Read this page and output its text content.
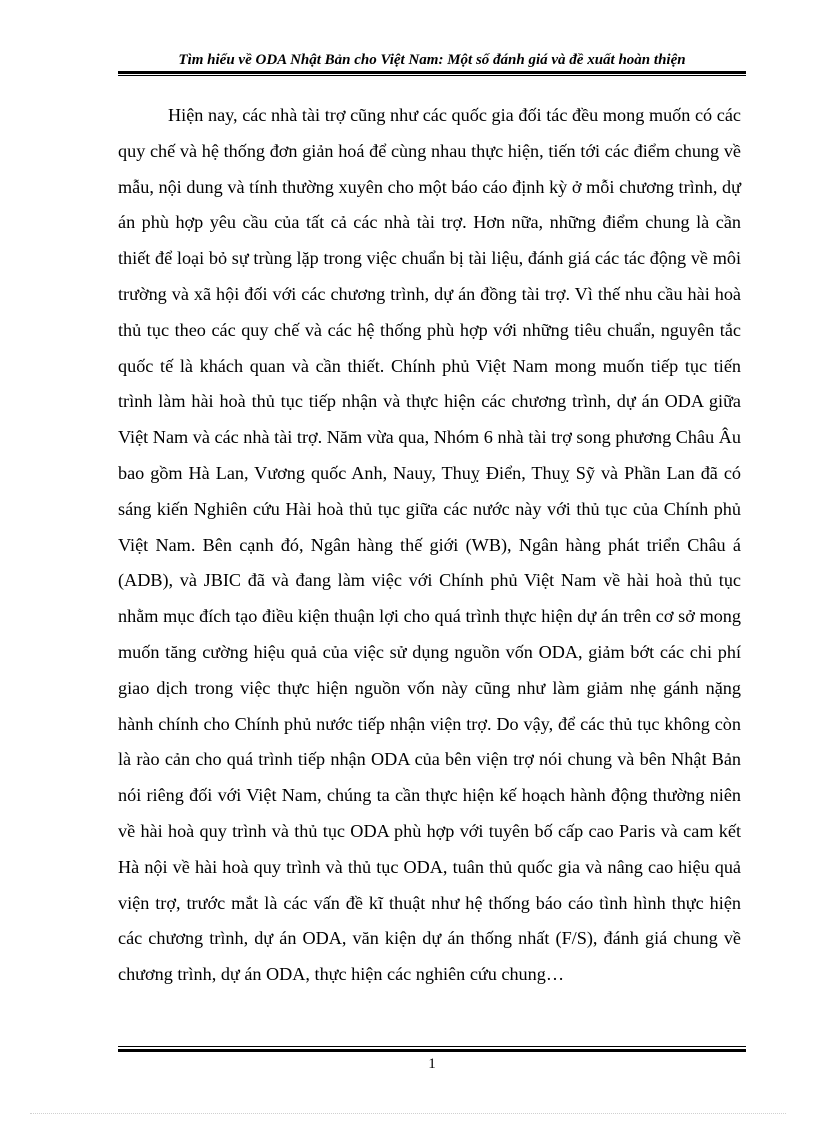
Tìm hiểu về ODA Nhật Bản cho Việt Nam: Một số đánh giá và đề xuất hoàn thiện

Hiện nay, các nhà tài trợ cũng như các quốc gia đối tác đều mong muốn có các quy chế và hệ thống đơn giản hoá để cùng nhau thực hiện, tiến tới các điểm chung về mẫu, nội dung và tính thường xuyên cho một báo cáo định kỳ ở mỗi chương trình, dự án phù hợp yêu cầu của tất cả các nhà tài trợ. Hơn nữa, những điểm chung là cần thiết để loại bỏ sự trùng lặp trong việc chuẩn bị tài liệu, đánh giá các tác động về môi trường và xã hội đối với các chương trình, dự án đồng tài trợ. Vì thế nhu cầu hài hoà thủ tục theo các quy chế và các hệ thống phù hợp với những tiêu chuẩn, nguyên tắc quốc tế là khách quan và cần thiết. Chính phủ Việt Nam mong muốn tiếp tục tiến trình làm hài hoà thủ tục tiếp nhận và thực hiện các chương trình, dự án ODA giữa Việt Nam và các nhà tài trợ. Năm vừa qua, Nhóm 6 nhà tài trợ song phương Châu Âu bao gồm Hà Lan, Vương quốc Anh, Nauy, Thuỵ Điển, Thuỵ Sỹ và Phần Lan đã có sáng kiến Nghiên cứu Hài hoà thủ tục giữa các nước này với thủ tục của Chính phủ Việt Nam. Bên cạnh đó, Ngân hàng thế giới (WB), Ngân hàng phát triển Châu á (ADB), và JBIC đã và đang làm việc với Chính phủ Việt Nam về hài hoà thủ tục nhằm mục đích tạo điều kiện thuận lợi cho quá trình thực hiện dự án trên cơ sở mong muốn tăng cường hiệu quả của việc sử dụng nguồn vốn ODA, giảm bớt các chi phí giao dịch trong việc thực hiện nguồn vốn này cũng như làm giảm nhẹ gánh nặng hành chính cho Chính phủ nước tiếp nhận viện trợ. Do vậy, để các thủ tục không còn là rào cản cho quá trình tiếp nhận ODA của bên viện trợ nói chung và bên Nhật Bản nói riêng đối với Việt Nam, chúng ta cần thực hiện kế hoạch hành động thường niên về hài hoà quy trình và thủ tục ODA phù hợp với tuyên bố cấp cao Paris và cam kết Hà nội về hài hoà quy trình và thủ tục ODA, tuân thủ quốc gia và nâng cao hiệu quả viện trợ, trước mắt là các vấn đề kĩ thuật như hệ thống báo cáo tình hình thực hiện các chương trình, dự án ODA, văn kiện dự án thống nhất (F/S), đánh giá chung về chương trình, dự án ODA, thực hiện các nghiên cứu chung…

1
